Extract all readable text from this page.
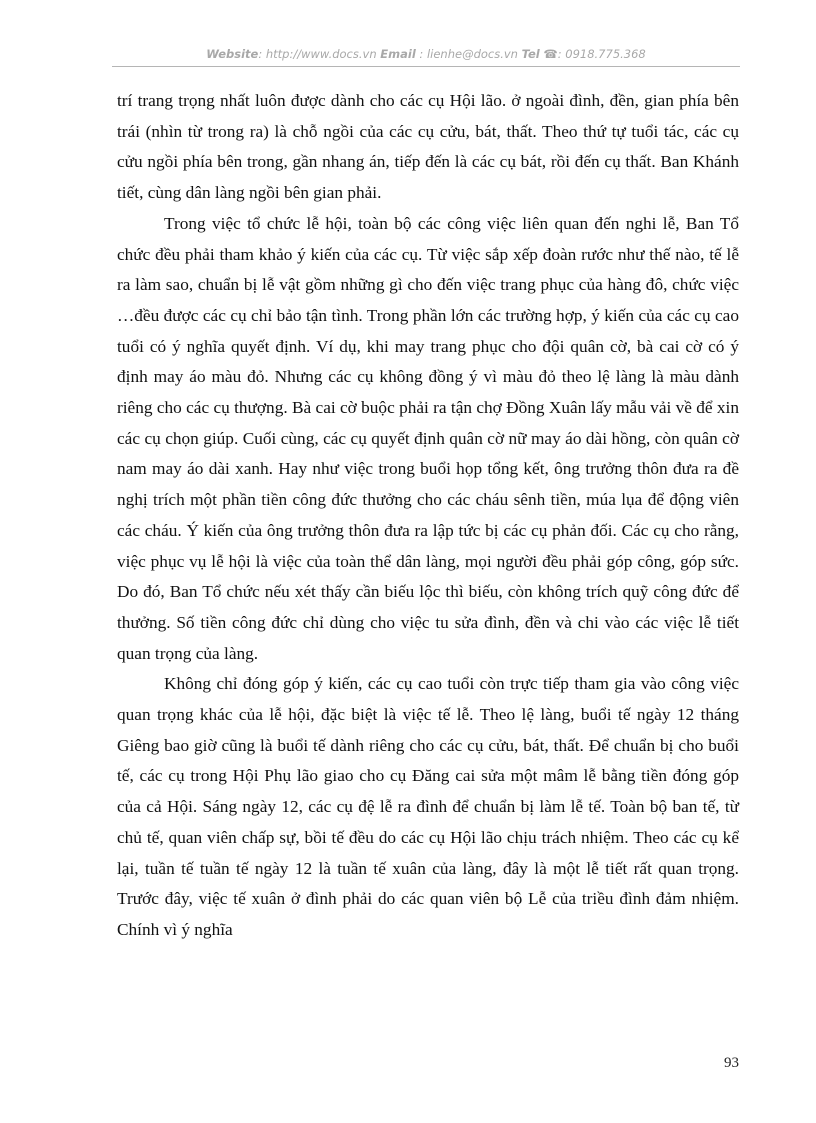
Website: http://www.docs.vn Email : lienhe@docs.vn Tel ☎: 0918.775.368

trí trang trọng nhất luôn được dành cho các cụ Hội lão. ở ngoài đình, đền, gian phía bên trái (nhìn từ trong ra) là chỗ ngồi của các cụ cửu, bát, thất. Theo thứ tự tuổi tác, các cụ cửu ngồi phía bên trong, gần nhang án, tiếp đến là các cụ bát, rồi đến cụ thất. Ban Khánh tiết, cùng dân làng ngồi bên gian phải.

Trong việc tổ chức lễ hội, toàn bộ các công việc liên quan đến nghi lễ, Ban Tổ chức đều phải tham khảo ý kiến của các cụ. Từ việc sắp xếp đoàn rước như thế nào, tế lễ ra làm sao, chuẩn bị lễ vật gồm những gì cho đến việc trang phục của hàng đô, chức việc …đều được các cụ chỉ bảo tận tình. Trong phần lớn các trường hợp, ý kiến của các cụ cao tuổi có ý nghĩa quyết định. Ví dụ, khi may trang phục cho đội quân cờ, bà cai cờ có ý định may áo màu đỏ. Nhưng các cụ không đồng ý vì màu đỏ theo lệ làng là màu dành riêng cho các cụ thượng. Bà cai cờ buộc phải ra tận chợ Đồng Xuân lấy mẫu vải về để xin các cụ chọn giúp. Cuối cùng, các cụ quyết định quân cờ nữ may áo dài hồng, còn quân cờ nam may áo dài xanh. Hay như việc trong buổi họp tổng kết, ông trưởng thôn đưa ra đề nghị trích một phần tiền công đức thưởng cho các cháu sênh tiền, múa lụa để động viên các cháu. Ý kiến của ông trưởng thôn đưa ra lập tức bị các cụ phản đối. Các cụ cho rằng, việc phục vụ lễ hội là việc của toàn thể dân làng, mọi người đều phải góp công, góp sức. Do đó, Ban Tổ chức nếu xét thấy cần biếu lộc thì biếu, còn không trích quỹ công đức để thưởng. Số tiền công đức chỉ dùng cho việc tu sửa đình, đền và chi vào các việc lễ tiết quan trọng của làng.

Không chỉ đóng góp ý kiến, các cụ cao tuổi còn trực tiếp tham gia vào công việc quan trọng khác của lễ hội, đặc biệt là việc tế lễ. Theo lệ làng, buổi tế ngày 12 tháng Giêng bao giờ cũng là buổi tế dành riêng cho các cụ cửu, bát, thất. Để chuẩn bị cho buổi tế, các cụ trong Hội Phụ lão giao cho cụ Đăng cai sửa một mâm lễ bằng tiền đóng góp của cả Hội. Sáng ngày 12, các cụ đệ lễ ra đình để chuẩn bị làm lễ tế. Toàn bộ ban tế, từ chủ tế, quan viên chấp sự, bồi tế đều do các cụ Hội lão chịu trách nhiệm. Theo các cụ kể lại, tuần tế tuần tế ngày 12 là tuần tế xuân của làng, đây là một lễ tiết rất quan trọng. Trước đây, việc tế xuân ở đình phải do các quan viên bộ Lễ của triều đình đảm nhiệm. Chính vì ý nghĩa

93
